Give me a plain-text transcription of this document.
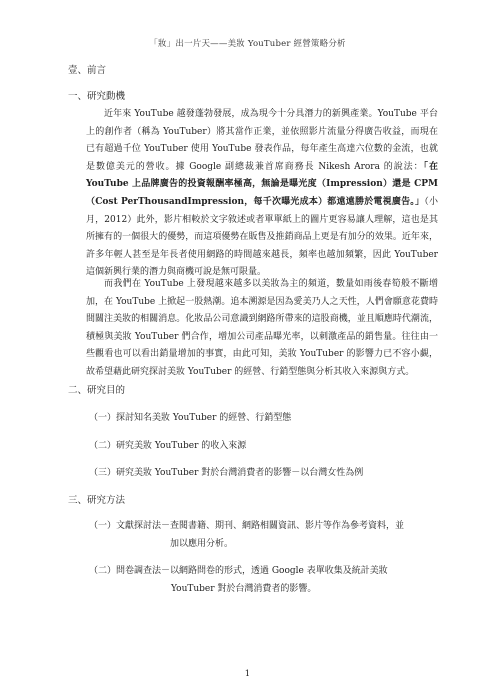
「妝」出一片天——美妝 YouTuber 經營策略分析
壹、前言
一、研究動機

近年來 YouTube 越發蓬勃發展，成為現今十分具潛力的新興產業。YouTube 平台上的創作者（稱為 YouTuber）將其當作正業，並依照影片流量分得廣告收益，而現在已有超過千位 YouTuber 使用 YouTube 發表作品，每年產生高達六位數的金流，也就是數億美元的營收。據 Google 副總裁兼首席商務長 Nikesh Arora 的說法：「在 YouTube 上品牌廣告的投資報酬率極高，無論是曝光度（Impression）還是 CPM（Cost PerThousandImpression，每千次曝光成本）都遠遠勝於電視廣告。」（小月，2012）此外，影片相較於文字敘述或者單單紙上的圖片更容易讓人理解，這也是其所擁有的一個很大的優勢，而這項優勢在販售及推銷商品上更是有加分的效果。近年來，許多年輕人甚至是年長者使用網路的時間越來越長，頻率也越加頻繁，因此 YouTuber 這個新興行業的潛力與商機可說是無可限量。

而我們在 YouTube 上發現越來越多以美妝為主的頻道，數量如雨後春筍般不斷增加，在 YouTube 上掀起一股熱潮。追本溯源是因為愛美乃人之天性，人們會願意花費時間關注美妝的相關消息。化妝品公司意識到網路所帶來的這股商機，並且順應時代潮流，積極與美妝 YouTuber 們合作，增加公司產品曝光率，以刺激產品的銷售量。往往由一些觀看也可以看出銷量增加的事實，由此可知，美妝 YouTuber 的影響力已不容小覷，故希望藉此研究探討美妝 YouTuber 的經營、行銷型態與分析其收入來源與方式。

二、研究目的

（一）探討知名美妝 YouTuber 的經營、行銷型態

（二）研究美妝 YouTuber 的收入來源

（三）研究美妝 YouTuber 對於台灣消費者的影響－以台灣女性為例

三、研究方法

（一）文獻探討法－查閱書籍、期刊、網路相關資訊、影片等作為參考資料，並
加以應用分析。

（二）問卷調查法－以網路問卷的形式，透過 Google 表單收集及統計美妝
YouTuber 對於台灣消費者的影響。

1
